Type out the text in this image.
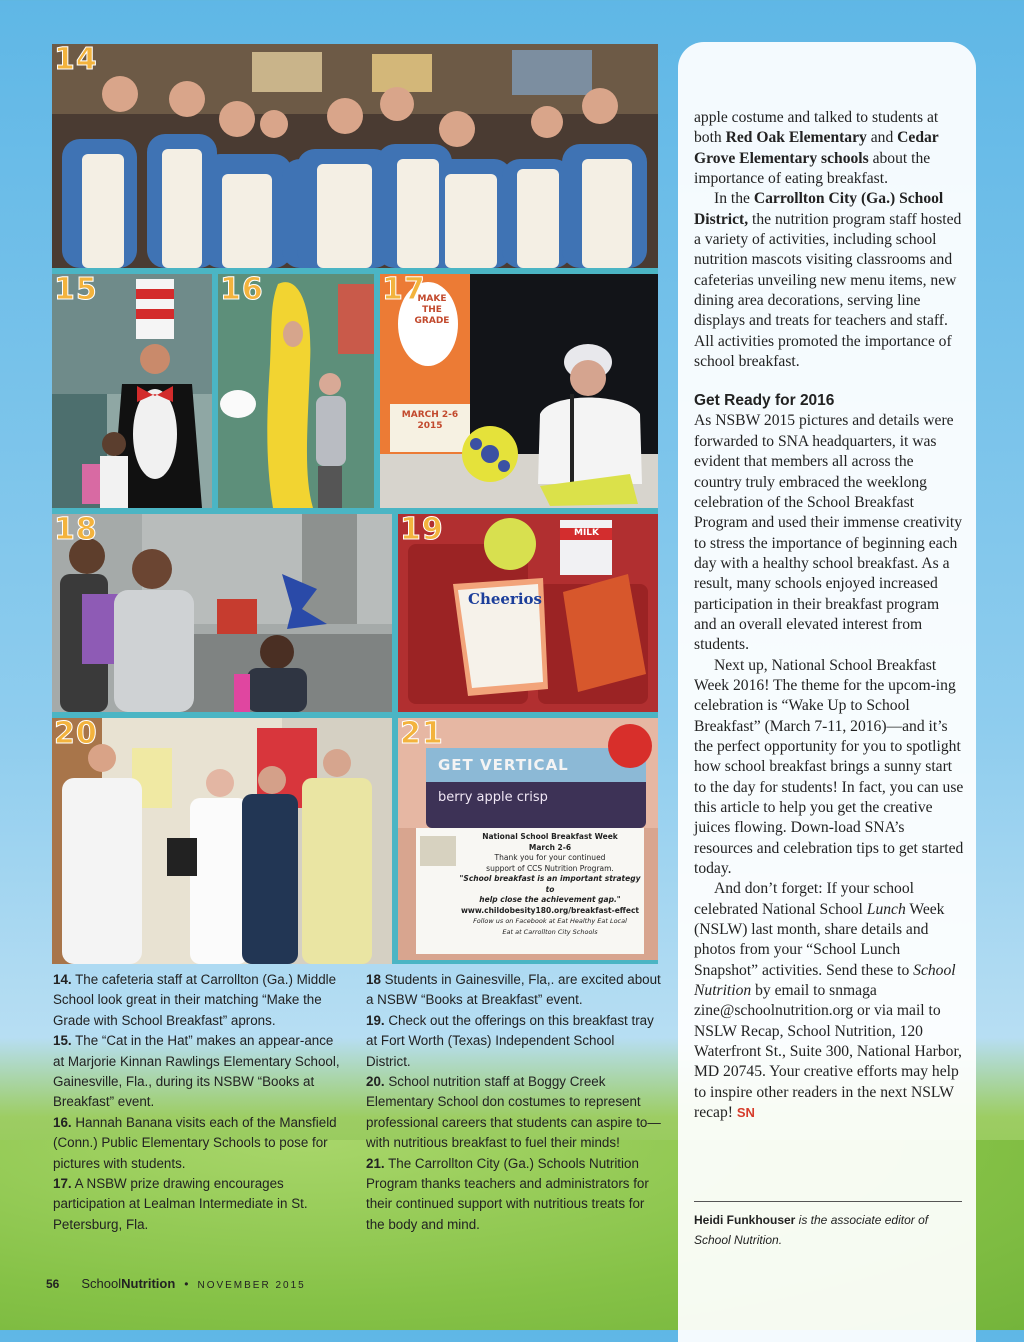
14
15	16	17
MAKE THE GRADE
MARCH 2-6 2015
18	19
Cheerios
MILK
20	21
GET VERTICAL
berry apple crisp
National School Breakfast Week
March 2-6
Thank you for your continued
support of CCS Nutrition Program.
"School breakfast is an important strategy to
help close the achievement gap."
www.childobesity180.org/breakfast-effect
Follow us on Facebook at Eat Healthy Eat Local
Eat at Carrollton City Schools

14. The cafeteria staff at Carrollton (Ga.) Middle School look great in their matching “Make the Grade with School Breakfast” aprons.

15. The “Cat in the Hat” makes an appear-ance at Marjorie Kinnan Rawlings Elementary School, Gainesville, Fla., during its NSBW “Books at Breakfast” event.

16. Hannah Banana visits each of the Mansfield (Conn.) Public Elementary Schools to pose for pictures with students.

17. A NSBW prize drawing encourages participation at Lealman Intermediate in St. Petersburg, Fla.

18 Students in Gainesville, Fla,. are excited about a NSBW “Books at Breakfast” event.

19. Check out the offerings on this breakfast tray at Fort Worth (Texas) Independent School District.

20. School nutrition staff at Boggy Creek Elementary School don costumes to represent professional careers that students can aspire to—with nutritious breakfast to fuel their minds!

21. The Carrollton City (Ga.) Schools Nutrition Program thanks teachers and administrators for their continued support with nutritious treats for the body and mind.

apple costume and talked to students at both Red Oak Elementary and Cedar Grove Elementary schools about the importance of eating breakfast.

In the Carrollton City (Ga.) School District, the nutrition program staff hosted a variety of activities, including school nutrition mascots visiting classrooms and cafeterias unveiling new menu items, new dining area decorations, serving line displays and treats for teachers and staff. All activities promoted the importance of school breakfast.

Get Ready for 2016

As NSBW 2015 pictures and details were forwarded to SNA headquarters, it was evident that members all across the country truly embraced the weeklong celebration of the School Breakfast Program and used their immense creativity to stress the importance of beginning each day with a healthy school breakfast. As a result, many schools enjoyed increased participation in their breakfast program and an overall elevated interest from students.

Next up, National School Breakfast Week 2016! The theme for the upcom-ing celebration is “Wake Up to School Breakfast” (March 7-11, 2016)—and it’s the perfect opportunity for you to spotlight how school breakfast brings a sunny start to the day for students! In fact, you can use this article to help you get the creative juices flowing. Down-load SNA’s resources and celebration tips to get started today.

And don’t forget: If your school celebrated National School Lunch Week (NSLW) last month, share details and photos from your “School Lunch Snapshot” activities. Send these to School Nutrition by email to snmaga zine@schoolnutrition.org or via mail to NSLW Recap, School Nutrition, 120 Waterfront St., Suite 300, National Harbor, MD 20745. Your creative efforts may help to inspire other readers in the next NSLW recap! SN

Heidi Funkhouser is the associate editor of School Nutrition.
56 SchoolNutrition • NOVEMBER 2015
